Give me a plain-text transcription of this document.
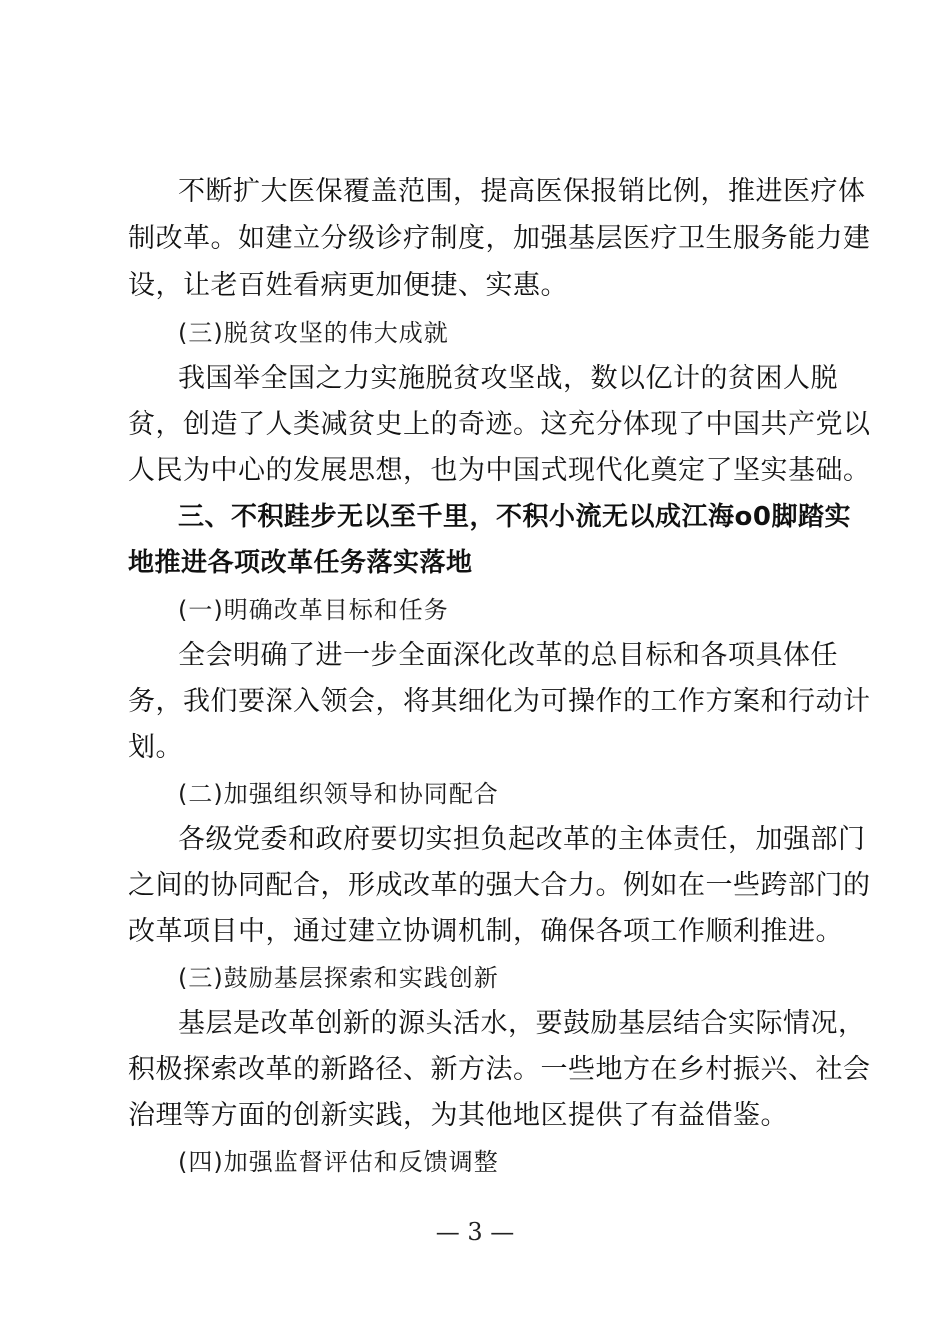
不断扩大医保覆盖范围，提高医保报销比例，推进医疗体
制改革。如建立分级诊疗制度，加强基层医疗卫生服务能力建
设，让老百姓看病更加便捷、实惠。
(三)脱贫攻坚的伟大成就
我国举全国之力实施脱贫攻坚战，数以亿计的贫困人脱
贫，创造了人类减贫史上的奇迹。这充分体现了中国共产党以
人民为中心的发展思想，也为中国式现代化奠定了坚实基础。
三、不积跬步无以至千里，不积小流无以成江海o0脚踏实
地推进各项改革任务落实落地
(一)明确改革目标和任务
全会明确了进一步全面深化改革的总目标和各项具体任
务，我们要深入领会，将其细化为可操作的工作方案和行动计
划。
(二)加强组织领导和协同配合
各级党委和政府要切实担负起改革的主体责任，加强部门
之间的协同配合，形成改革的强大合力。例如在一些跨部门的
改革项目中，通过建立协调机制，确保各项工作顺利推进。
(三)鼓励基层探索和实践创新
基层是改革创新的源头活水，要鼓励基层结合实际情况，
积极探索改革的新路径、新方法。一些地方在乡村振兴、社会
治理等方面的创新实践，为其他地区提供了有益借鉴。
(四)加强监督评估和反馈调整
— 3 —
